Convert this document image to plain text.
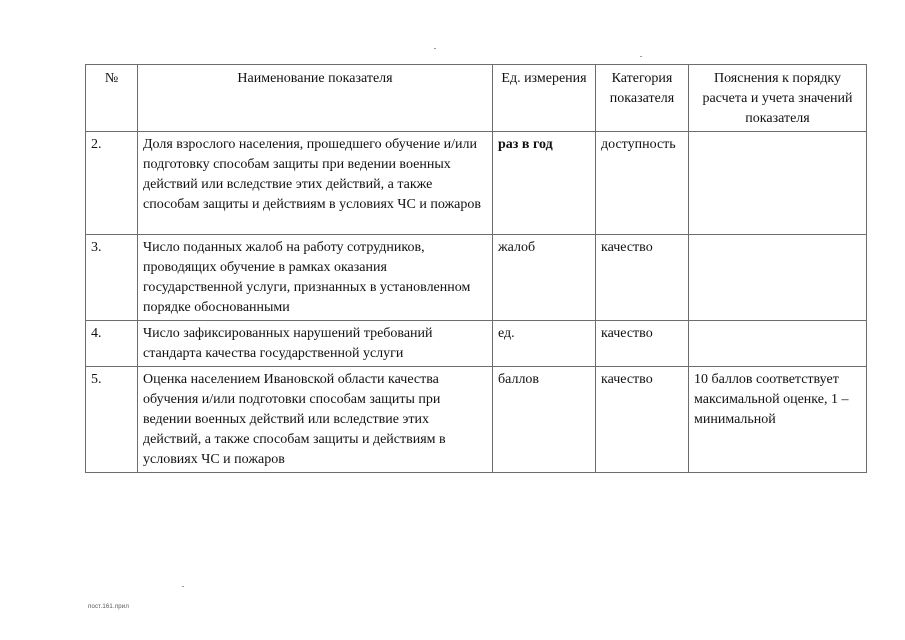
№	Наименование показателя	Ед. измерения	Категория показателя	Пояснения к порядку расчета и учета значений показателя
2.	Доля взрослого населения, прошедшего обучение и/или подготовку способам защиты при ведении военных действий или вследствие этих действий, а также способам защиты и действиям в условиях ЧС и пожаров	раз в год	доступность	
3.	Число поданных жалоб на работу сотрудников, проводящих обучение в рамках оказания государственной услуги, признанных в установленном порядке обоснованными	жалоб	качество	
4.	Число зафиксированных нарушений требований стандарта качества государственной услуги	ед.	качество	
5.	Оценка населением Ивановской области качества обучения и/или подготовки способам защиты при ведении военных действий или вследствие этих действий, а также способам защиты и действиям в условиях ЧС и пожаров	баллов	качество	10 баллов соответствует максимальной оценке, 1 – минимальной
пост.161.прил
